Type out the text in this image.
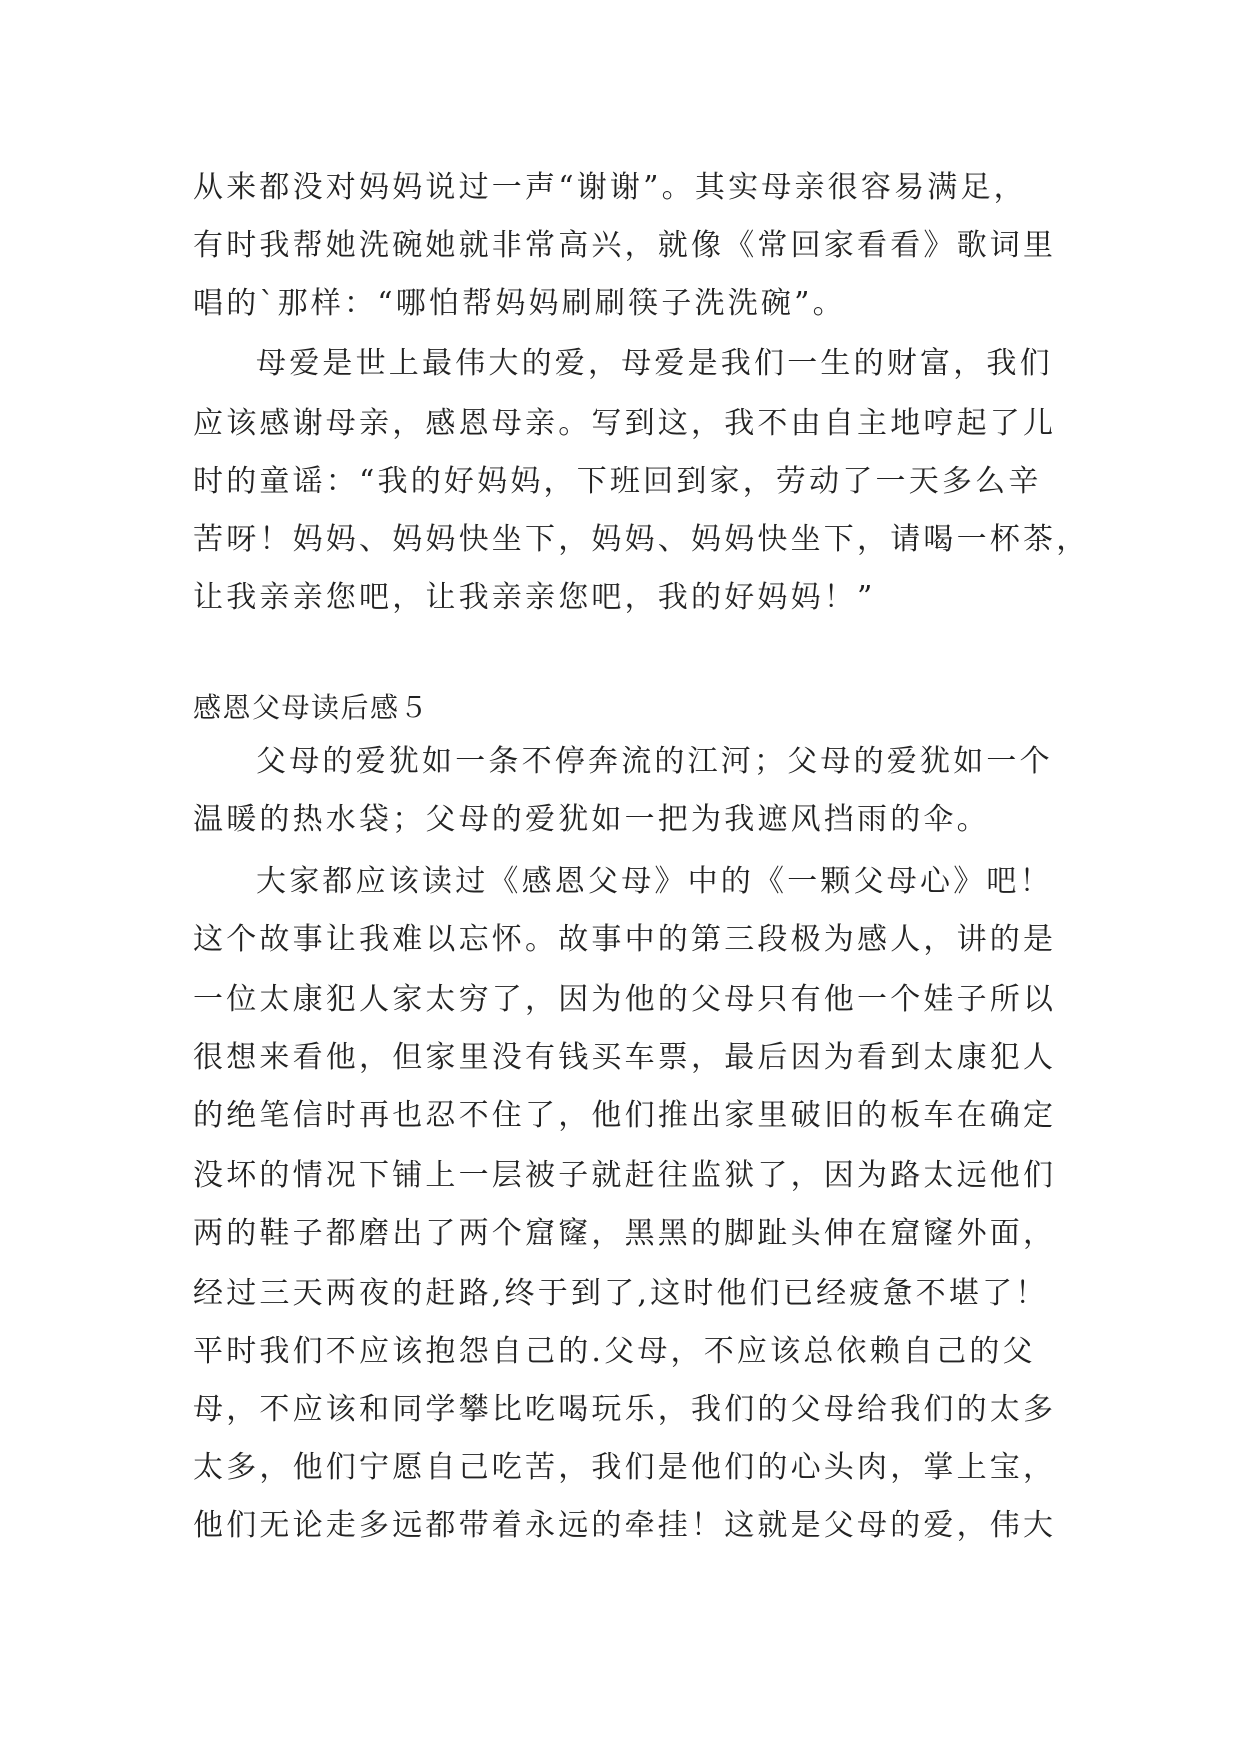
从来都没对妈妈说过一声“谢谢”。其实母亲很容易满足，
有时我帮她洗碗她就非常高兴，就像《常回家看看》歌词里
唱的`那样：“哪怕帮妈妈刷刷筷子洗洗碗”。
母爱是世上最伟大的爱，母爱是我们一生的财富，我们
应该感谢母亲，感恩母亲。写到这，我不由自主地哼起了儿
时的童谣：“我的好妈妈，下班回到家，劳动了一天多么辛
苦呀！妈妈、妈妈快坐下，妈妈、妈妈快坐下，请喝一杯茶，
让我亲亲您吧，让我亲亲您吧，我的好妈妈！”
感恩父母读后感５
父母的爱犹如一条不停奔流的江河；父母的爱犹如一个
温暖的热水袋；父母的爱犹如一把为我遮风挡雨的伞。
大家都应该读过《感恩父母》中的《一颗父母心》吧！
这个故事让我难以忘怀。故事中的第三段极为感人，讲的是
一位太康犯人家太穷了，因为他的父母只有他一个娃子所以
很想来看他，但家里没有钱买车票，最后因为看到太康犯人
的绝笔信时再也忍不住了，他们推出家里破旧的板车在确定
没坏的情况下铺上一层被子就赶往监狱了，因为路太远他们
两的鞋子都磨出了两个窟窿，黑黑的脚趾头伸在窟窿外面，
经过三天两夜的赶路,终于到了,这时他们已经疲惫不堪了！
平时我们不应该抱怨自己的.父母，不应该总依赖自己的父
母，不应该和同学攀比吃喝玩乐，我们的父母给我们的太多
太多，他们宁愿自己吃苦，我们是他们的心头肉，掌上宝，
他们无论走多远都带着永远的牵挂！这就是父母的爱，伟大
